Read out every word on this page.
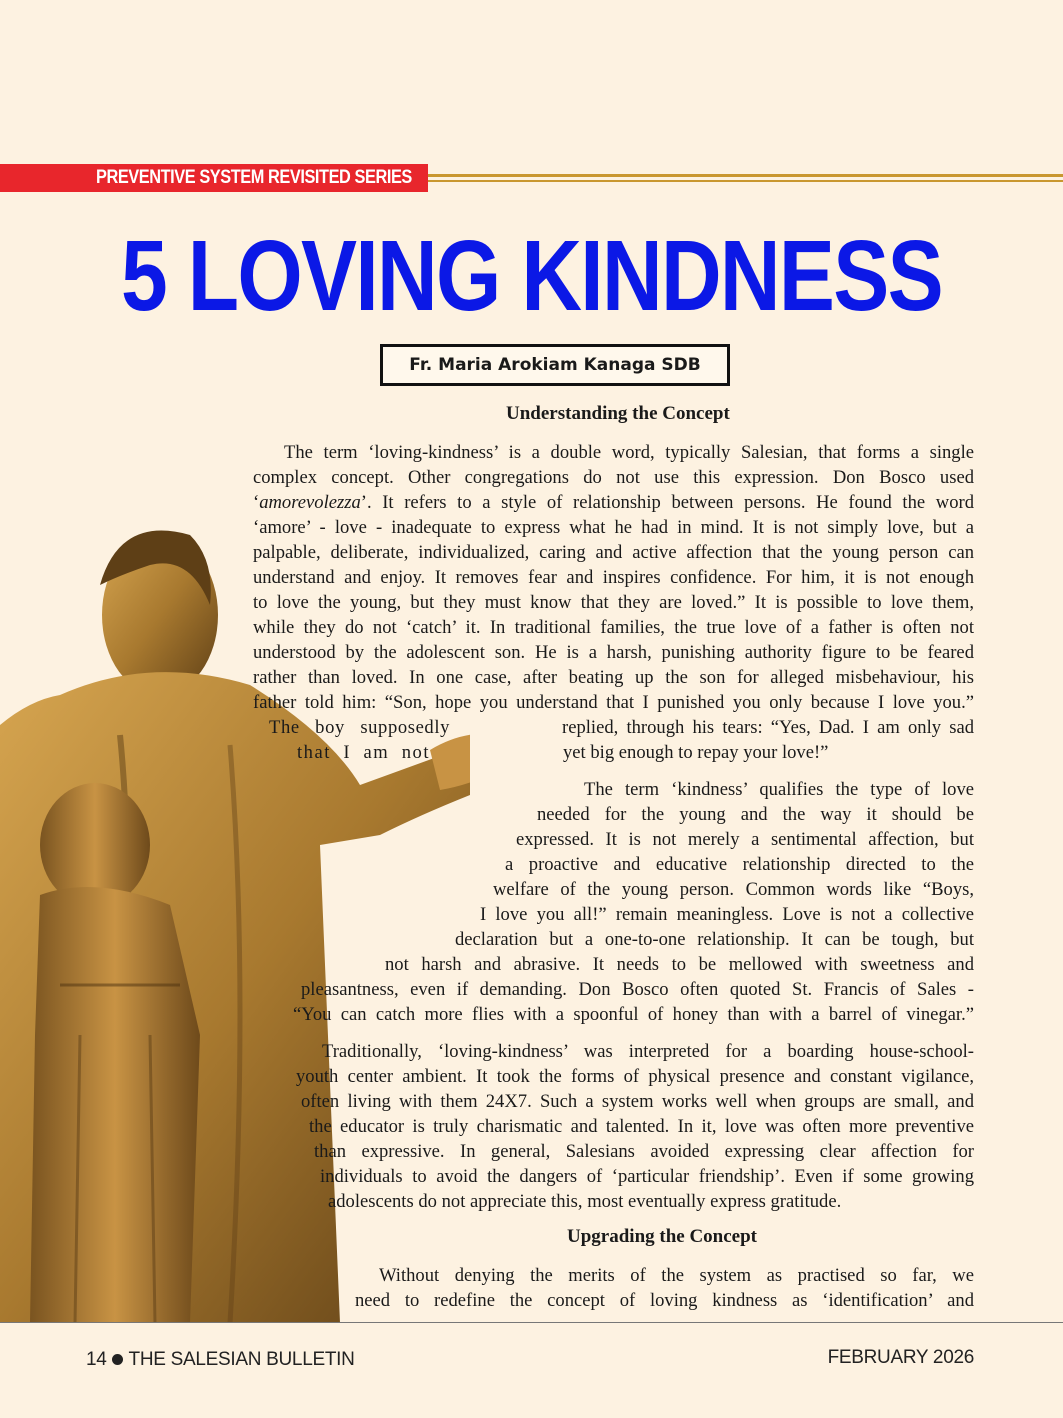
PREVENTIVE SYSTEM REVISITED SERIES
5 LOVING KINDNESS
Fr. Maria Arokiam Kanaga SDB
Understanding the Concept
The term ‘loving-kindness’ is a double word, typically Salesian, that forms a single
complex concept. Other congregations do not use this expression. Don Bosco used
‘amorevolezza’. It refers to a style of relationship between persons. He found the word
‘amore’ - love - inadequate to express what he had in mind. It is not simply love, but a
palpable, deliberate, individualized, caring and active affection that the young person can
understand and enjoy. It removes fear and inspires confidence. For him, it is not enough
to love the young, but they must know that they are loved.” It is possible to love them,
while they do not ‘catch’ it. In traditional families, the true love of a father is often not
understood by the adolescent son. He is a harsh, punishing authority figure to be feared
rather than loved. In one case, after beating up the son for alleged misbehaviour, his
father told him: “Son, hope you understand that I punished you only because I love you.”
The boy supposedly	replied, through his tears: “Yes, Dad. I am only sad
that I am not	yet big enough to repay your love!”
The term ‘kindness’ qualifies the type of love
needed for the young and the way it should be
expressed. It is not merely a sentimental affection, but
a proactive and educative relationship directed to the
welfare of the young person. Common words like “Boys,
I love you all!” remain meaningless. Love is not a collective
declaration but a one-to-one relationship. It can be tough, but
not harsh and abrasive. It needs to be mellowed with sweetness and
pleasantness, even if demanding. Don Bosco often quoted St. Francis of Sales -
“You can catch more flies with a spoonful of honey than with a barrel of vinegar.”
Traditionally, ‘loving-kindness’ was interpreted for a boarding house-school-
youth center ambient. It took the forms of physical presence and constant vigilance,
often living with them 24X7. Such a system works well when groups are small, and
the educator is truly charismatic and talented. In it, love was often more preventive
than expressive. In general, Salesians avoided expressing clear affection for
individuals to avoid the dangers of ‘particular friendship’. Even if some growing
adolescents do not appreciate this, most eventually express gratitude.
Upgrading the Concept
Without denying the merits of the system as practised so far, we
need to redefine the concept of loving kindness as ‘identification’ and
14 THE SALESIAN BULLETIN	FEBRUARY 2026
